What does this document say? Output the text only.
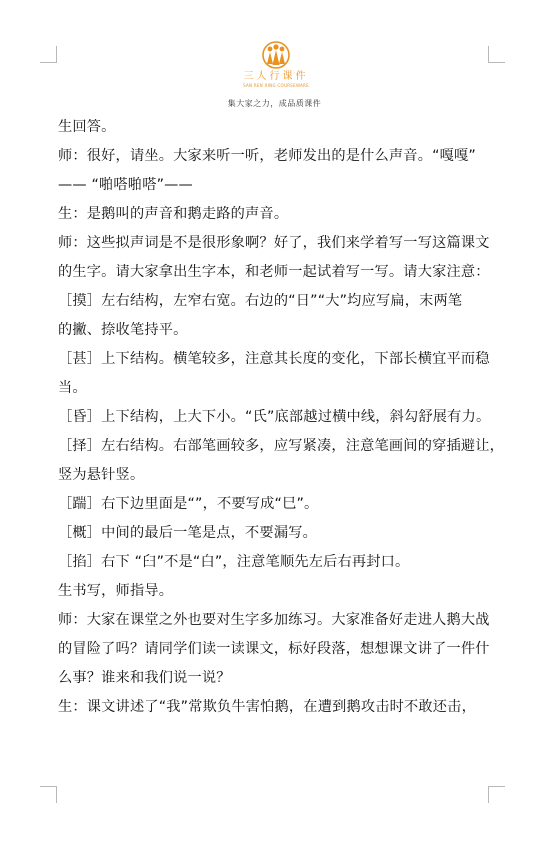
三人行课件
SAN REN XING COURSEWARE
集大家之力，成品质课件
生回答。
师：很好，请坐。大家来听一听，老师发出的是什么声音。“嘎嘎”
—— “啪嗒啪嗒”——
生：是鹅叫的声音和鹅走路的声音。
师：这些拟声词是不是很形象啊？好了，我们来学着写一写这篇课文
的生字。请大家拿出生字本，和老师一起试着写一写。请大家注意：
［摸］左右结构，左窄右宽。右边的“日”“大”均应写扁，末两笔
的撇、捺收笔持平。
［甚］上下结构。横笔较多，注意其长度的变化，下部长横宜平而稳
当。
［昏］上下结构，上大下小。“氏”底部越过横中线，斜勾舒展有力。
［择］左右结构。右部笔画较多，应写紧凑，注意笔画间的穿插避让，
竖为悬针竖。
［踹］右下边里面是“”，不要写成“巳”。
［概］中间的最后一笔是点，不要漏写。
［掐］右下 “臼”不是“白”，注意笔顺先左后右再封口。
生书写，师指导。
师：大家在课堂之外也要对生字多加练习。大家准备好走进人鹅大战
的冒险了吗？请同学们读一读课文，标好段落，想想课文讲了一件什
么事？谁来和我们说一说？
生：课文讲述了“我”常欺负牛害怕鹅，在遭到鹅攻击时不敢还击，
